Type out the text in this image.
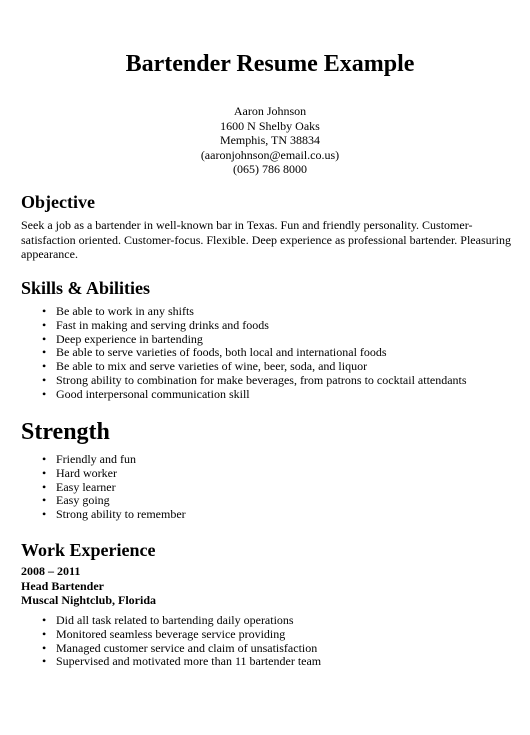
Bartender Resume Example
Aaron Johnson
1600 N Shelby Oaks
Memphis, TN 38834
(aaronjohnson@email.co.us)
(065) 786 8000
Objective
Seek a job as a bartender in well-known bar in Texas. Fun and friendly personality. Customer-satisfaction oriented. Customer-focus. Flexible. Deep experience as professional bartender. Pleasuring appearance.
Skills & Abilities
• Be able to work in any shifts
• Fast in making and serving drinks and foods
• Deep experience in bartending
• Be able to serve varieties of foods, both local and international foods
• Be able to mix and serve varieties of wine, beer, soda, and liquor
• Strong ability to combination for make beverages, from patrons to cocktail attendants
• Good interpersonal communication skill
Strength
• Friendly and fun
• Hard worker
• Easy learner
• Easy going
• Strong ability to remember
Work Experience
2008 – 2011
Head Bartender
Muscal Nightclub, Florida
• Did all task related to bartending daily operations
• Monitored seamless beverage service providing
• Managed customer service and claim of unsatisfaction
• Supervised and motivated more than 11 bartender team
